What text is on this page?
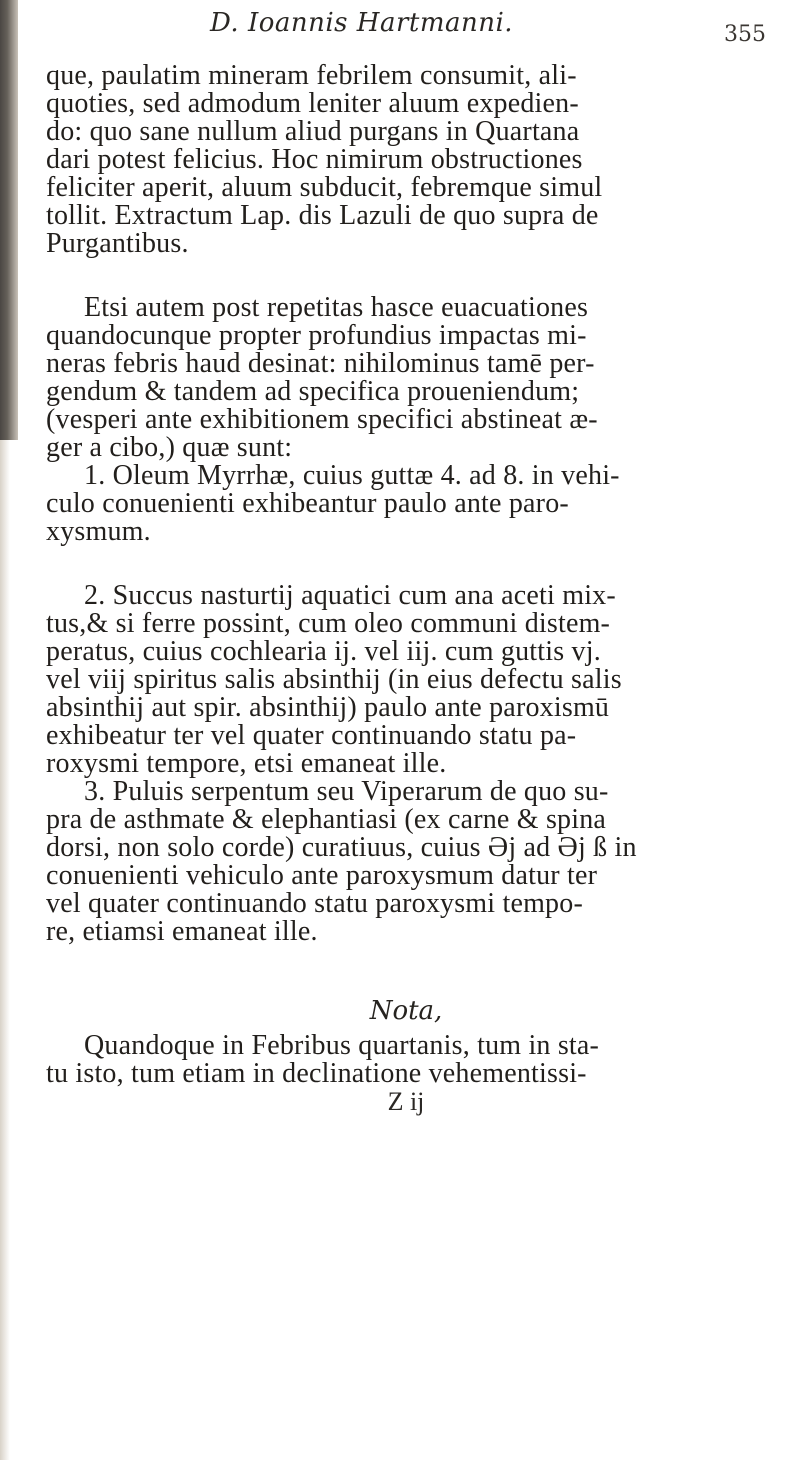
D. Ioannis Hartmanni.	355
que, paulatim mineram febrilem consumit, ali-
quoties, sed admodum leniter aluum expedien-
do: quo sane nullum aliud purgans in Quartana
dari potest felicius. Hoc nimirum obstructiones
feliciter aperit, aluum subducit, febremque simul
tollit. Extractum Lap. dis Lazuli de quo supra de
Purgantibus.
Etsi autem post repetitas hasce euacuationes
quandocunque propter profundius impactas mi-
neras febris haud desinat: nihilominus tamē per-
gendum & tandem ad specifica proueniendum;
(vesperi ante exhibitionem specifici abstineat æ-
ger a cibo,) quæ sunt:
1. Oleum Myrrhæ, cuius guttæ 4. ad 8. in vehi-
culo conuenienti exhibeantur paulo ante paro-
xysmum.
2. Succus nasturtij aquatici cum ana aceti mix-
tus,& si ferre possint, cum oleo communi distem-
peratus, cuius cochlearia ij. vel iij. cum guttis vj.
vel viij spiritus salis absinthij (in eius defectu salis
absinthij aut spir. absinthij) paulo ante paroxismū
exhibeatur ter vel quater continuando statu pa-
roxysmi tempore, etsi emaneat ille.
3. Puluis serpentum seu Viperarum de quo su-
pra de asthmate & elephantiasi (ex carne & spina
dorsi, non solo corde) curatiuus, cuius Əj ad Əj ß in
conuenienti vehiculo ante paroxysmum datur ter
vel quater continuando statu paroxysmi tempo-
re, etiamsi emaneat ille.
Nota,
Quandoque in Febribus quartanis, tum in sta-
tu isto, tum etiam in declinatione vehementissi-
Z ij
